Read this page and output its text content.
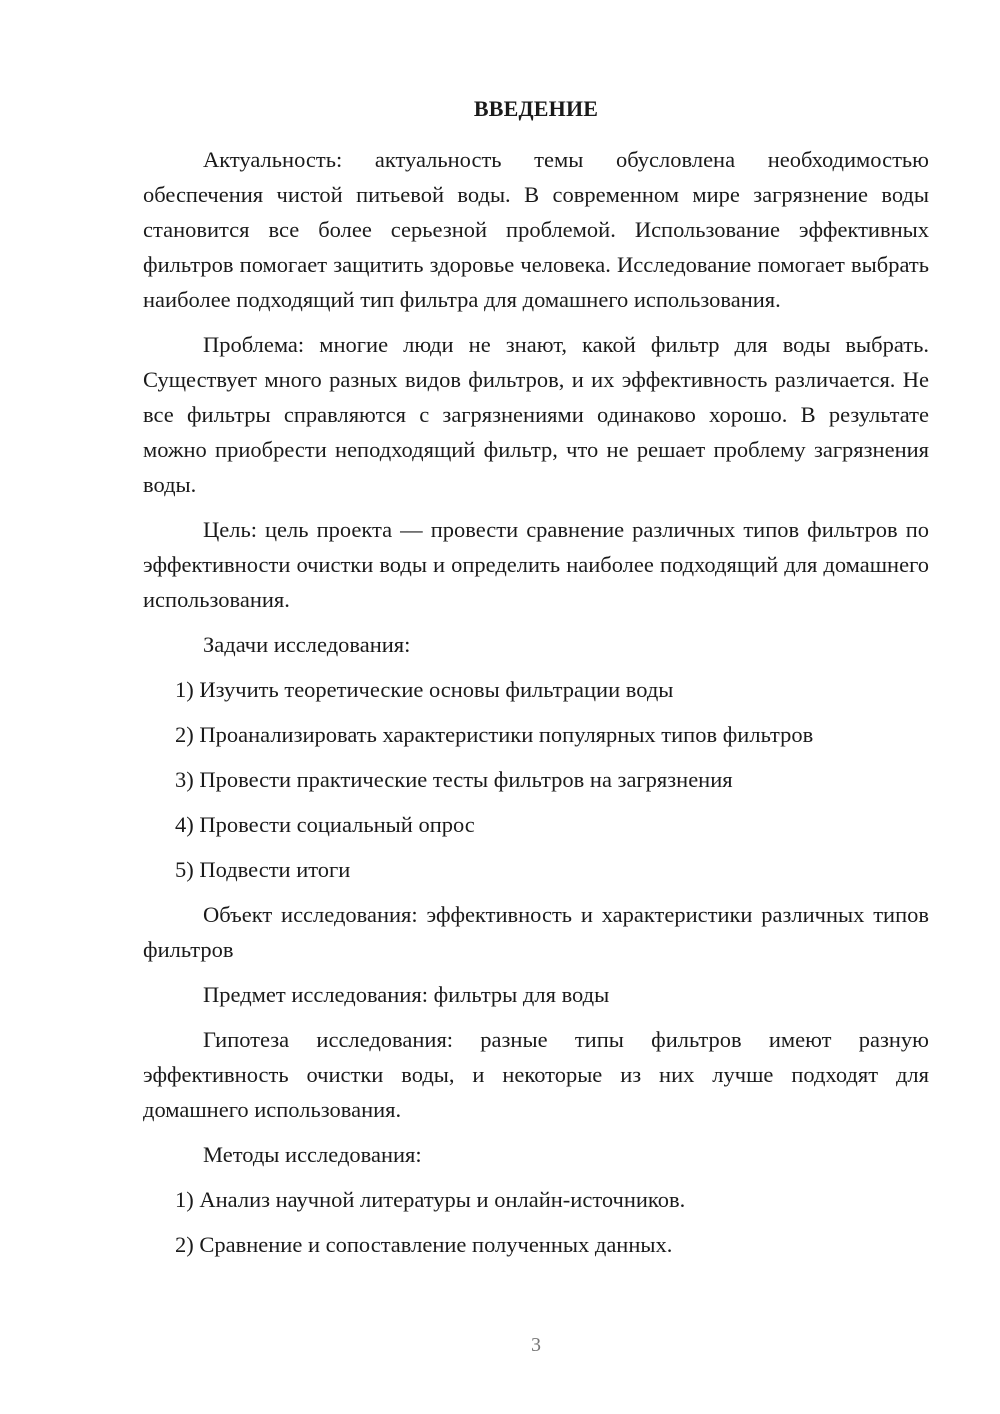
ВВЕДЕНИЕ

Актуальность: актуальность темы обусловлена необходимостью обеспечения чистой питьевой воды. В современном мире загрязнение воды становится все более серьезной проблемой. Использование эффективных фильтров помогает защитить здоровье человека. Исследование помогает выбрать наиболее подходящий тип фильтра для домашнего использования.

Проблема: многие люди не знают, какой фильтр для воды выбрать. Существует много разных видов фильтров, и их эффективность различается. Не все фильтры справляются с загрязнениями одинаково хорошо. В результате можно приобрести неподходящий фильтр, что не решает проблему загрязнения воды.

Цель: цель проекта — провести сравнение различных типов фильтров по эффективности очистки воды и определить наиболее подходящий для домашнего использования.

Задачи исследования:

1) Изучить теоретические основы фильтрации воды
2) Проанализировать характеристики популярных типов фильтров
3) Провести практические тесты фильтров на загрязнения
4) Провести социальный опрос
5) Подвести итоги

Объект исследования: эффективность и характеристики различных типов фильтров

Предмет исследования: фильтры для воды

Гипотеза исследования: разные типы фильтров имеют разную эффективность очистки воды, и некоторые из них лучше подходят для домашнего использования.

Методы исследования:

1) Анализ научной литературы и онлайн-источников.
2) Сравнение и сопоставление полученных данных.
3
